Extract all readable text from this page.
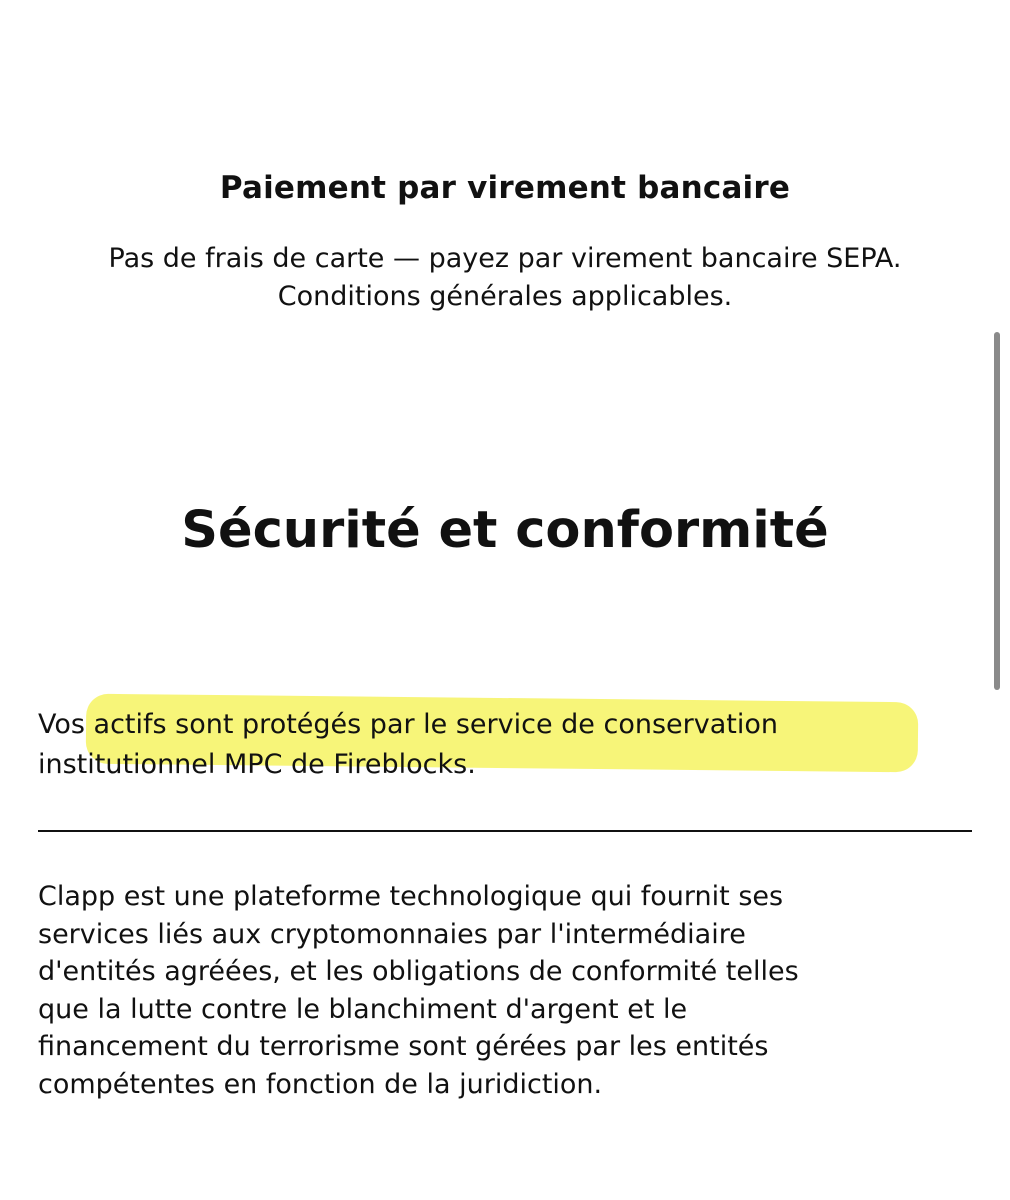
Paiement par virement bancaire
Pas de frais de carte — payez par virement bancaire SEPA.
Conditions générales applicables.
Sécurité et conformité
Vos actifs sont protégés par le service de conservation
institutionnel MPC de Fireblocks.
Clapp est une plateforme technologique qui fournit ses
services liés aux cryptomonnaies par l'intermédiaire
d'entités agréées, et les obligations de conformité telles
que la lutte contre le blanchiment d'argent et le
financement du terrorisme sont gérées par les entités
compétentes en fonction de la juridiction.
